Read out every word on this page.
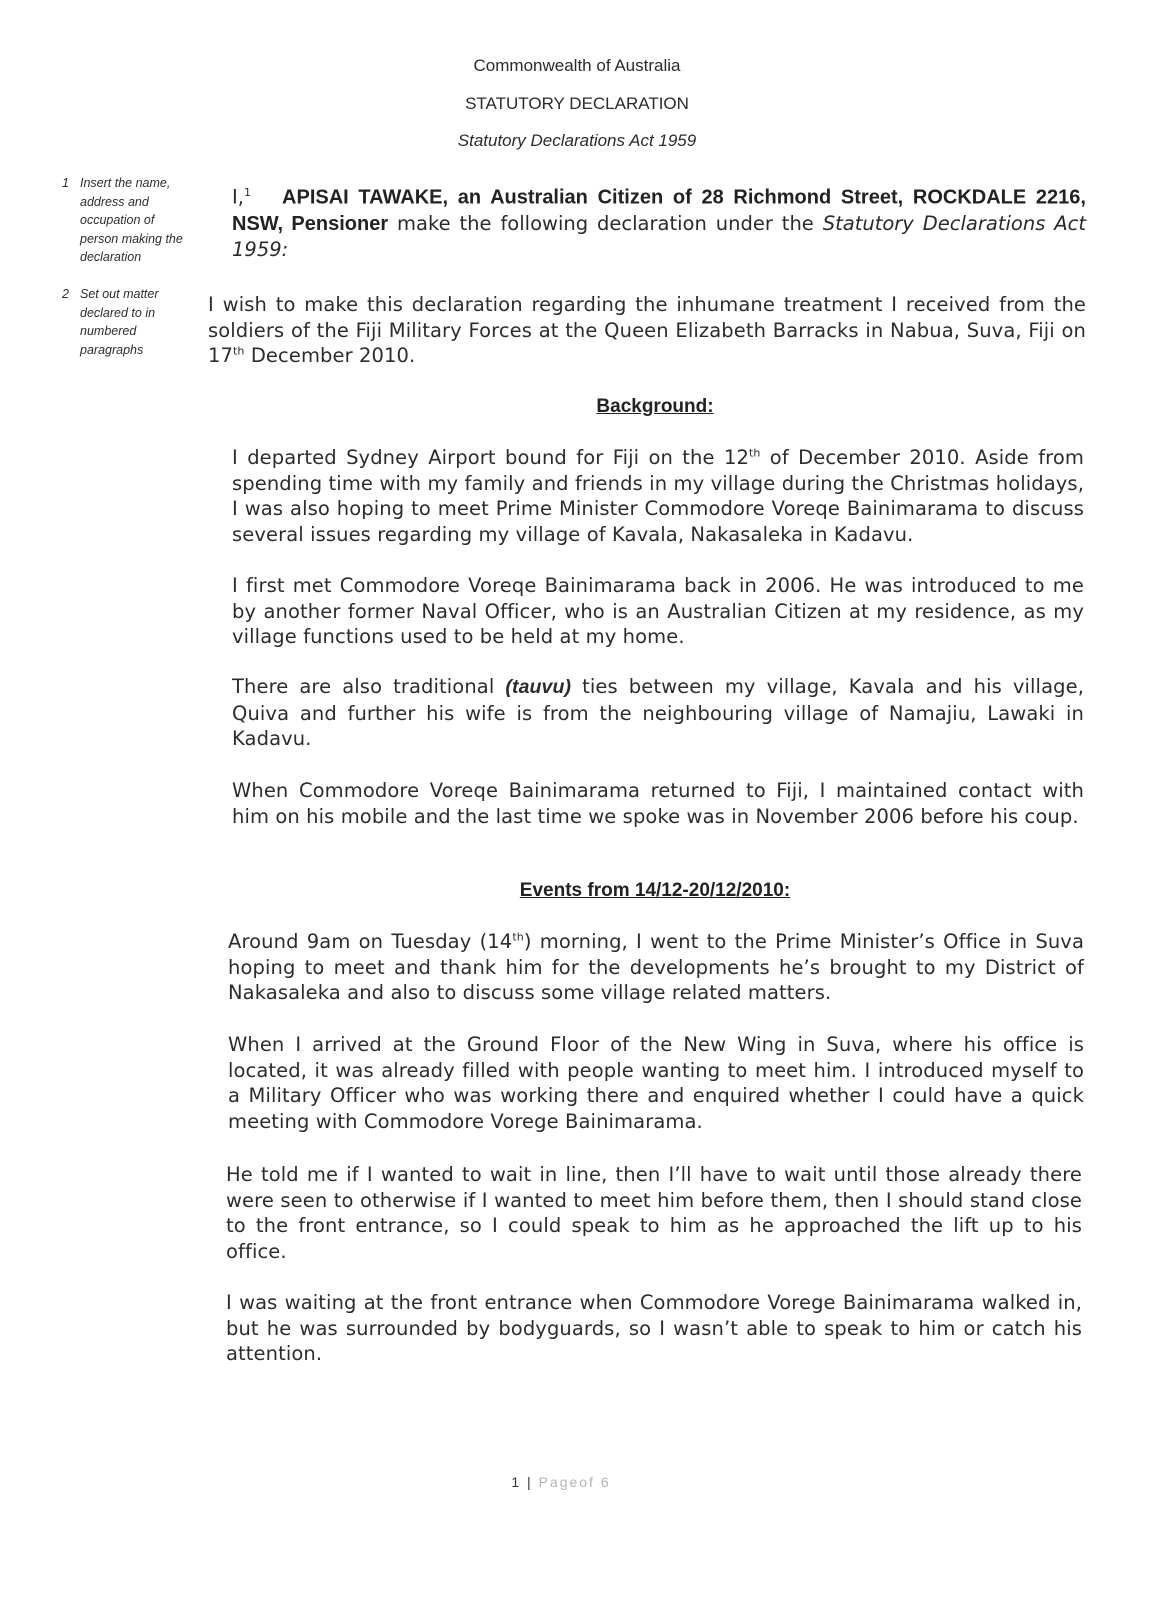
Commonwealth of Australia
STATUTORY DECLARATION
Statutory Declarations Act 1959
1 Insert the name, address and occupation of person making the declaration
2 Set out matter declared to in numbered paragraphs
I,$^1$ APISAI TAWAKE, an Australian Citizen of 28 Richmond Street, ROCKDALE 2216, NSW, Pensioner make the following declaration under the Statutory Declarations Act 1959:
I wish to make this declaration regarding the inhumane treatment I received from the soldiers of the Fiji Military Forces at the Queen Elizabeth Barracks in Nabua, Suva, Fiji on 17th December 2010.
Background:
I departed Sydney Airport bound for Fiji on the 12th of December 2010. Aside from spending time with my family and friends in my village during the Christmas holidays, I was also hoping to meet Prime Minister Commodore Voreqe Bainimarama to discuss several issues regarding my village of Kavala, Nakasaleka in Kadavu.
I first met Commodore Voreqe Bainimarama back in 2006. He was introduced to me by another former Naval Officer, who is an Australian Citizen at my residence, as my village functions used to be held at my home.
There are also traditional (tauvu) ties between my village, Kavala and his village, Quiva and further his wife is from the neighbouring village of Namajiu, Lawaki in Kadavu.
When Commodore Voreqe Bainimarama returned to Fiji, I maintained contact with him on his mobile and the last time we spoke was in November 2006 before his coup.
Events from 14/12-20/12/2010:
Around 9am on Tuesday (14th) morning, I went to the Prime Minister’s Office in Suva hoping to meet and thank him for the developments he’s brought to my District of Nakasaleka and also to discuss some village related matters.
When I arrived at the Ground Floor of the New Wing in Suva, where his office is located, it was already filled with people wanting to meet him. I introduced myself to a Military Officer who was working there and enquired whether I could have a quick meeting with Commodore Vorege Bainimarama.
He told me if I wanted to wait in line, then I’ll have to wait until those already there were seen to otherwise if I wanted to meet him before them, then I should stand close to the front entrance, so I could speak to him as he approached the lift up to his office.
I was waiting at the front entrance when Commodore Vorege Bainimarama walked in, but he was surrounded by bodyguards, so I wasn’t able to speak to him or catch his attention.
1 | Pageof 6
